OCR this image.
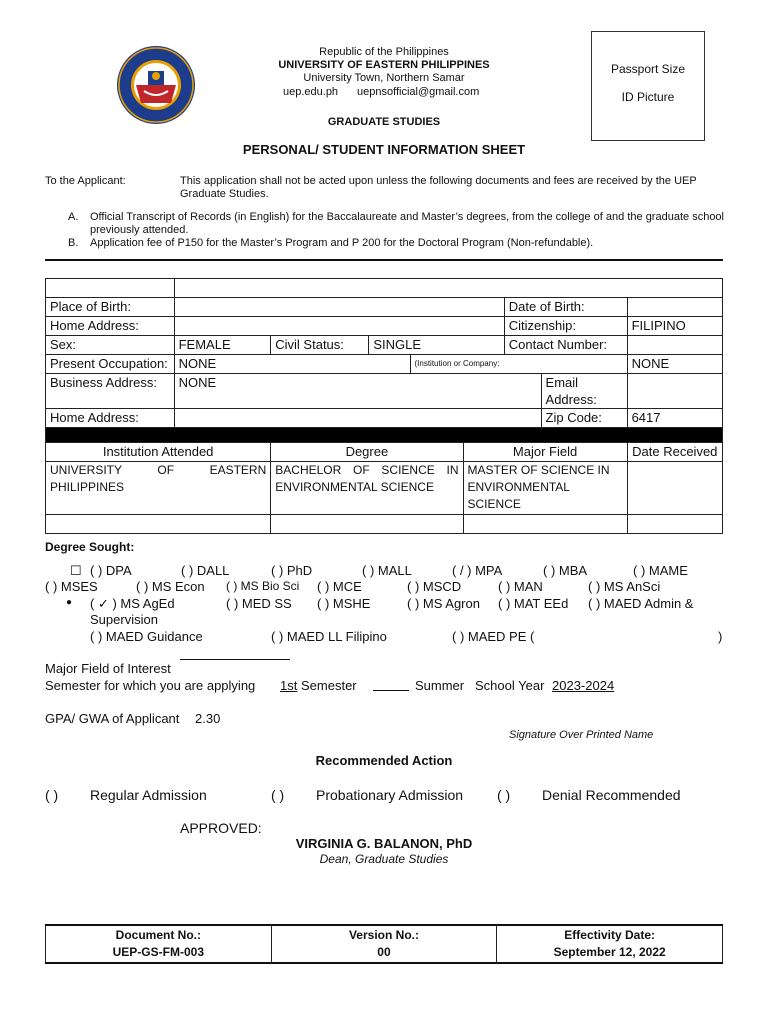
Republic of the Philippines
UNIVERSITY OF EASTERN PHILIPPINES
University Town, Northern Samar
uep.edu.ph uepnsofficial@gmail.com
Passport Size
ID Picture
GRADUATE STUDIES
PERSONAL/ STUDENT INFORMATION SHEET
To the Applicant:	This application shall not be acted upon unless the following documents and fees are received by the UEP Graduate Studies.
A. Official Transcript of Records (in English) for the Baccalaureate and Master’s degrees, from the college of and the graduate school previously attended.
B. Application fee of P150 for the Master’s Program and P 200 for the Doctoral Program (Non-refundable).

Place of Birth:						Date of Birth:		
Home Address:						Citizenship:		FILIPINO
Sex:	FEMALE	Civil Status:	SINGLE			Contact Number:		
Present Occupation:	NONE			(Institution or Company:				NONE
Business Address:	NONE						Email Address:	
Home Address:							Zip Code:	6417

Institution Attended		Degree			Major Field			Date Received
UNIVERSITY OF EASTERN PHILIPPINES		BACHELOR OF SCIENCE IN ENVIRONMENTAL SCIENCE			MASTER OF SCIENCE IN ENVIRONMENTAL SCIENCE			

Degree Sought:
☐ ( ) DPA	( ) DALL	( ) PhD	( ) MALL	( / ) MPA	( ) MBA	( ) MAME
( ) MSES	( ) MS Econ ( ) MS Bio Sci ( ) MCE	( ) MSCD	( ) MAN	( ) MS AnSci
● ( ✓ ) MS AgEd	( ) MED SS ( ) MSHE	( ) MS Agron ( ) MAT EEd ( ) MAED Admin &
Supervision
( ) MAED Guidance	( ) MAED LL Filipino	( ) MAED PE (	)
Major Field of Interest
Semester for which you are applying 1st Semester	Summer School Year 2023-2024
GPA/ GWA of Applicant 2.30
Signature Over Printed Name
Recommended Action
( ) Regular Admission	( ) Probationary Admission ( ) Denial Recommended
APPROVED:
VIRGINIA G. BALANON, PhD
Dean, Graduate Studies
Document No.:
UEP-GS-FM-003

Version No.:
00

Effectivity Date:
September 12, 2022
